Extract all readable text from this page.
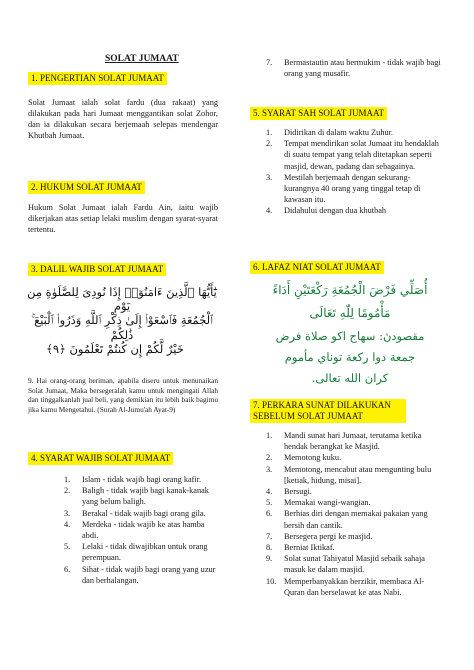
SOLAT JUMAAT
1. PENGERTIAN SOLAT JUMAAT
Solat Jumaat ialah solat fardu (dua rakaat) yang dilakukan pada hari Jumaat menggantikan solat Zohor, dan ia dilakukan secara berjemaah selepas mendengar Khutbah Jumaat.
2. HUKUM SOLAT JUMAAT
Hukum Solat Jumaat ialah Fardu Ain, iaitu wajib dikerjakan atas setiap lelaki muslim dengan syarat-syarat tertentu.
3. DALIL WAJIB SOLAT JUMAAT
يَٰٓأَيُّهَا ٱلَّذِينَ ءَامَنُوٓا۟ إِذَا نُودِىَ لِلصَّلَوٰةِ مِن يَوْمِ
ٱلْجُمُعَةِ فَٱسْعَوْا۟ إِلَىٰ ذِكْرِ ٱللَّهِ وَذَرُوا۟ ٱلْبَيْعَ ۚ ذَٰلِكُمْ
خَيْرٌ لَّكُمْ إِن كُنتُمْ تَعْلَمُونَ ﴿٩﴾
9. Hai orang-orang beriman, apabila diseru untuk menunaikan Solat Jumaat, Maka bersegeralah kamu untuk mengingati Allah dan tinggalkanlah jual beli, yang demikian itu lebih baik bagimu jika kamu Mengetahui. (Surah Al-Jumu'ah Ayat-9)
4. SYARAT WAJIB SOLAT JUMAAT
1.	Islam - tidak wajib bagi orang kafir.
2.	Baligh - tidak wajib bagi kanak-kanak yang belum baligh.
3.	Berakal - tidak wajib bagi orang gila.
4.	Merdeka - tidak wajib ke atas hamba abdi.
5.	Lelaki - tidak diwajibkan untuk orang perempuan.
6.	Sihat - tidak wajib bagi orang yang uzur dan berhalangan.
7.	Bermastautin atau bermukim - tidak wajib bagi orang yang musafir.
5. SYARAT SAH SOLAT JUMAAT
1.	Didirikan di dalam waktu Zuhur.
2.	Tempat mendirikan solat Jumaat itu hendaklah di suatu tempat yang telah ditetapkan seperti masjid, dewan, padang dan sebagainya.
3.	Mestilah berjemaah dengan sekurang-kurangnya 40 orang yang tinggal tetap di kawasan itu.
4.	Didahului dengan dua khutbah
6. LAFAZ NIAT SOLAT JUMAAT
أُصَلِّي فَرْضَ الْجُمُعَةِ رَكْعَتَيْنِ أَدَاءً
مَأْمُومًا لِلّٰهِ تَعَالَى
مقصودڽ: سهاج اکو صلاة فرض
جمعة دوا رکعة توناي مأموم
کران الله تعالى.
7. PERKARA SUNAT DILAKUKAN SEBELUM SOLAT JUMAAT
1.	Mandi sunat hari Jumaat, terutama ketika hendak berangkat ke Masjid.
2.	Memotong kuku.
3.	Memotong, mencabut atau mengunting bulu [ketiak, hidung, misai].
4.	Bersugi.
5.	Memakai wangi-wangian.
6.	Berhias diri dengan memakai pakaian yang bersih dan cantik.
7.	Bersegera pergi ke masjid.
8.	Berniat Iktikaf.
9.	Solat sunat Tahiyatul Masjid sebaik sahaja masuk ke dalam masjid.
10. Memperbanyakkan berzikir, membaca Al-Quran dan berselawat ke atas Nabi.
